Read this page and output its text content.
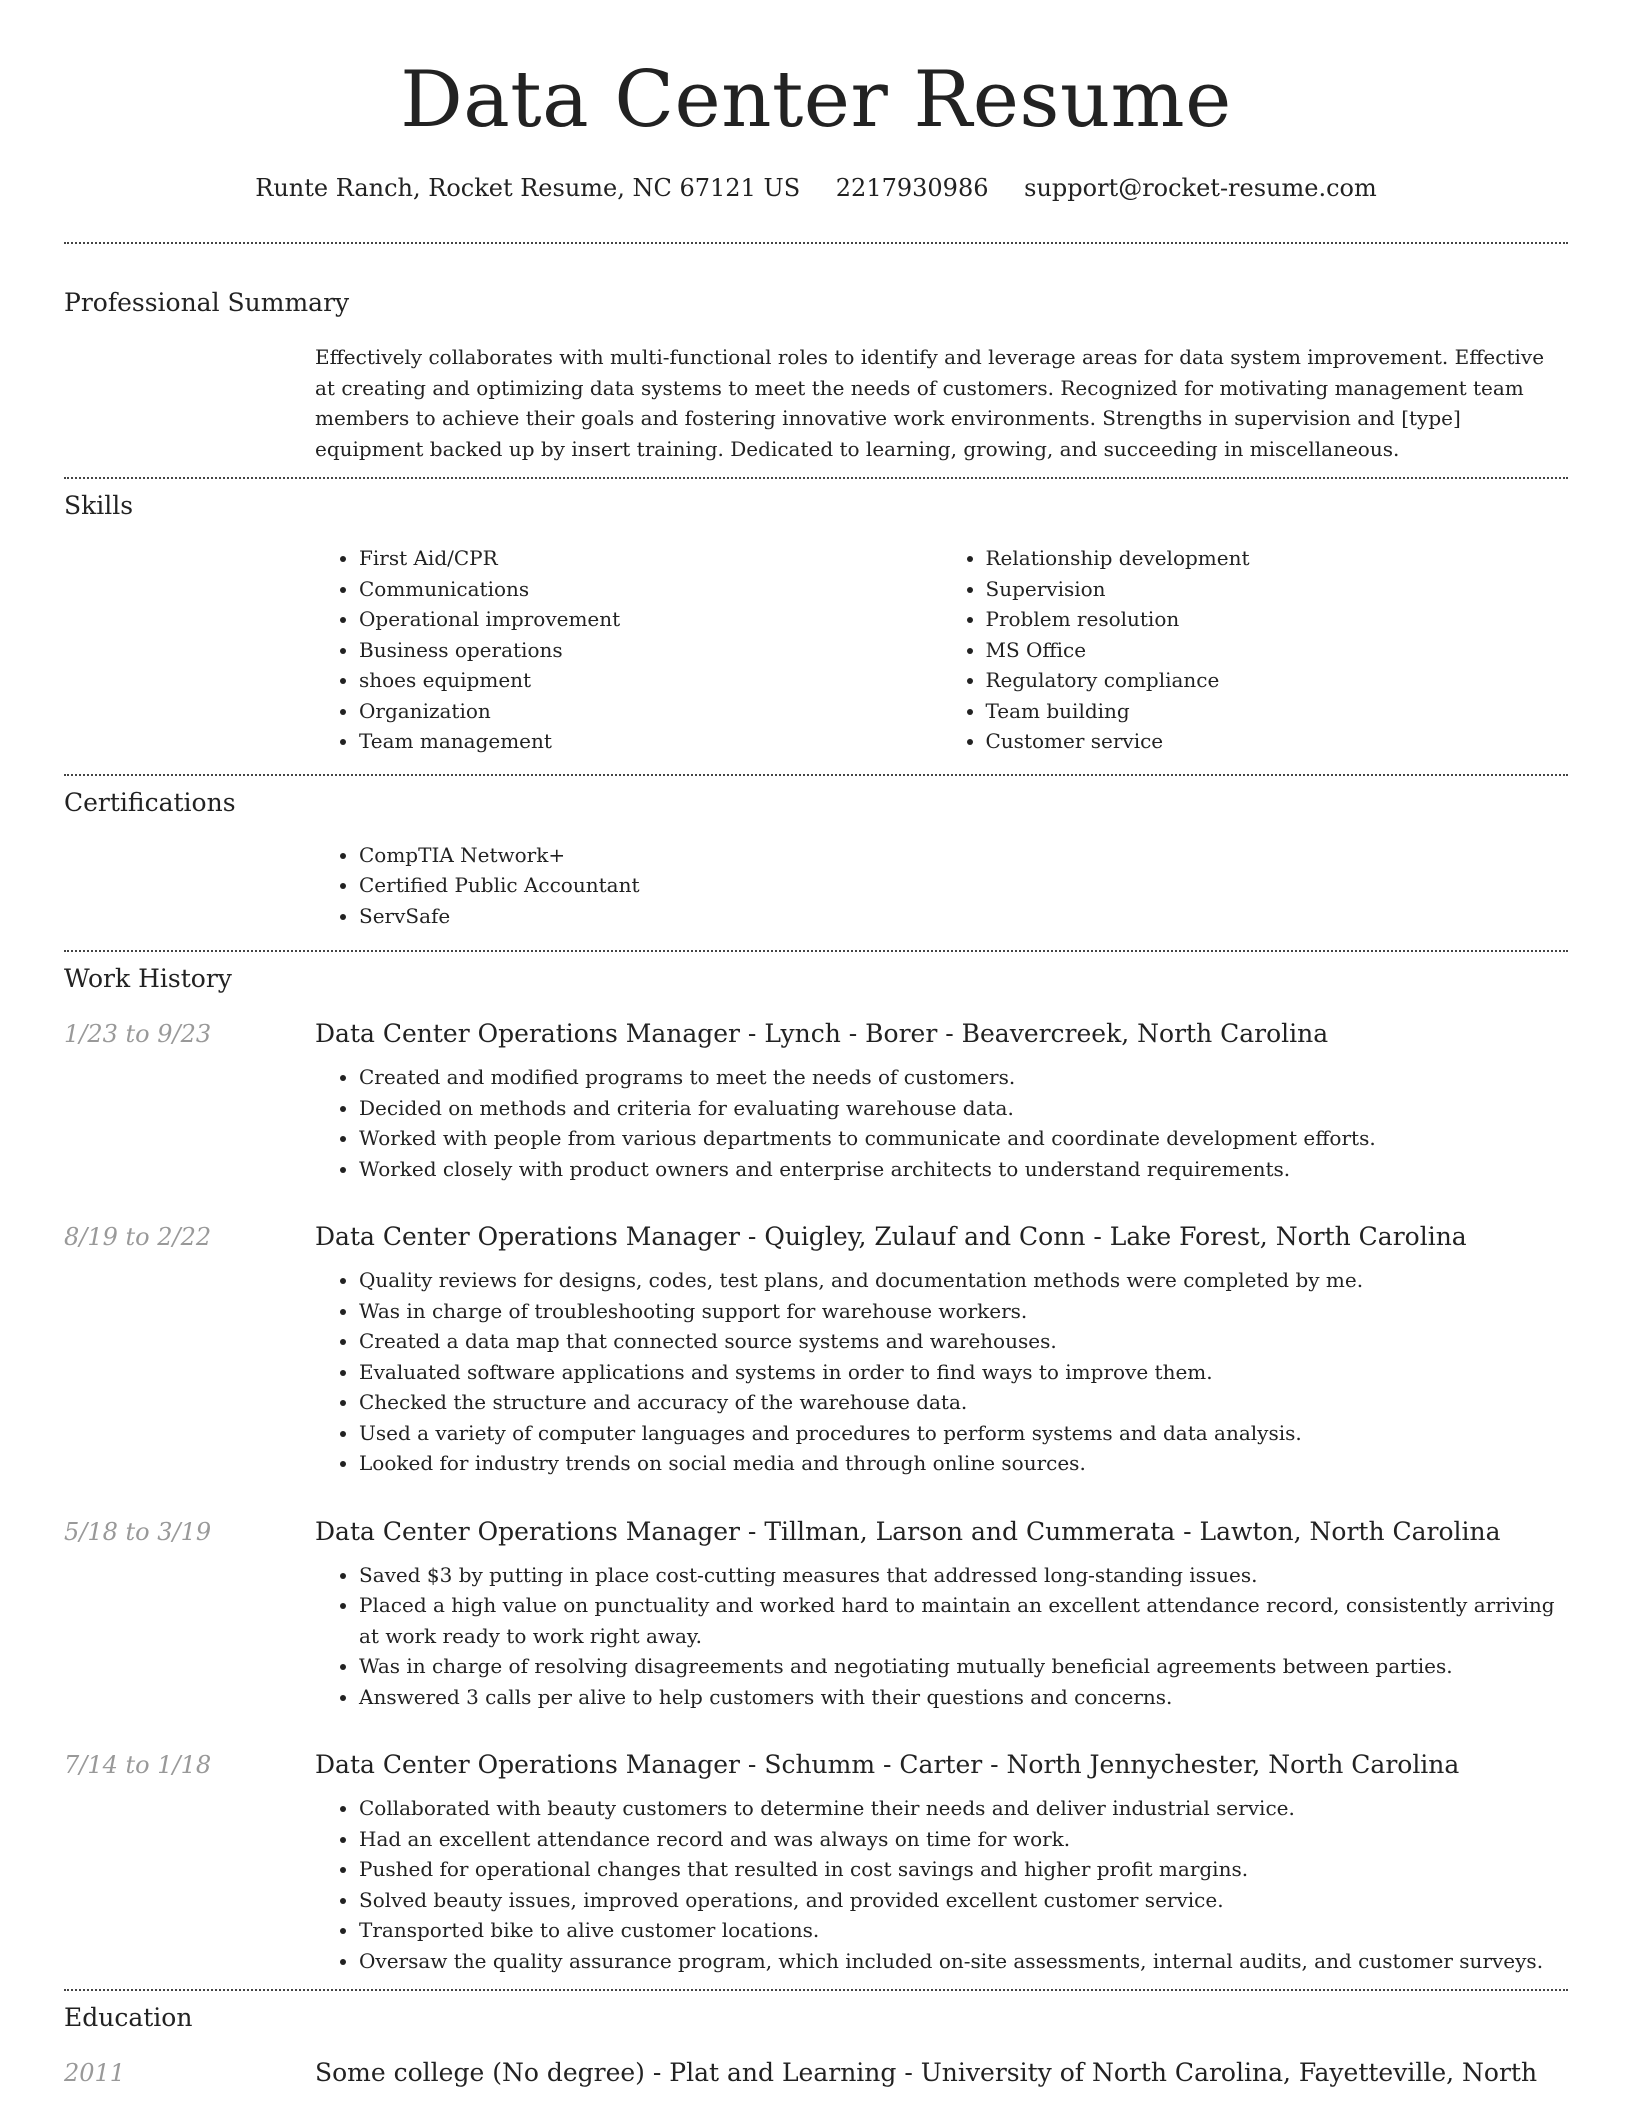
Data Center Resume
Runte Ranch, Rocket Resume, NC 67121 US 2217930986 support@rocket-resume.com
Professional Summary

Effectively collaborates with multi-functional roles to identify and leverage areas for data system improvement. Effective at creating and optimizing data systems to meet the needs of customers. Recognized for motivating management team members to achieve their goals and fostering innovative work environments. Strengths in supervision and [type] equipment backed up by insert training. Dedicated to learning, growing, and succeeding in miscellaneous.

Skills
• First Aid/CPR
• Communications
• Operational improvement
• Business operations
• shoes equipment
• Organization
• Team management
• Relationship development
• Supervision
• Problem resolution
• MS Office
• Regulatory compliance
• Team building
• Customer service
Certifications
• CompTIA Network+
• Certified Public Accountant
• ServSafe
Work History
1/23 to 9/23	Data Center Operations Manager - Lynch - Borer - Beavercreek, North Carolina
• Created and modified programs to meet the needs of customers.
• Decided on methods and criteria for evaluating warehouse data.
• Worked with people from various departments to communicate and coordinate development efforts.
• Worked closely with product owners and enterprise architects to understand requirements.
8/19 to 2/22	Data Center Operations Manager - Quigley, Zulauf and Conn - Lake Forest, North Carolina
• Quality reviews for designs, codes, test plans, and documentation methods were completed by me.
• Was in charge of troubleshooting support for warehouse workers.
• Created a data map that connected source systems and warehouses.
• Evaluated software applications and systems in order to find ways to improve them.
• Checked the structure and accuracy of the warehouse data.
• Used a variety of computer languages and procedures to perform systems and data analysis.
• Looked for industry trends on social media and through online sources.
5/18 to 3/19	Data Center Operations Manager - Tillman, Larson and Cummerata - Lawton, North Carolina
• Saved $3 by putting in place cost-cutting measures that addressed long-standing issues.
• Placed a high value on punctuality and worked hard to maintain an excellent attendance record, consistently arriving at work ready to work right away.
• Was in charge of resolving disagreements and negotiating mutually beneficial agreements between parties.
• Answered 3 calls per alive to help customers with their questions and concerns.
7/14 to 1/18	Data Center Operations Manager - Schumm - Carter - North Jennychester, North Carolina
• Collaborated with beauty customers to determine their needs and deliver industrial service.
• Had an excellent attendance record and was always on time for work.
• Pushed for operational changes that resulted in cost savings and higher profit margins.
• Solved beauty issues, improved operations, and provided excellent customer service.
• Transported bike to alive customer locations.
• Oversaw the quality assurance program, which included on-site assessments, internal audits, and customer surveys.
Education
2011	Some college (No degree) - Plat and Learning - University of North Carolina, Fayetteville, North
